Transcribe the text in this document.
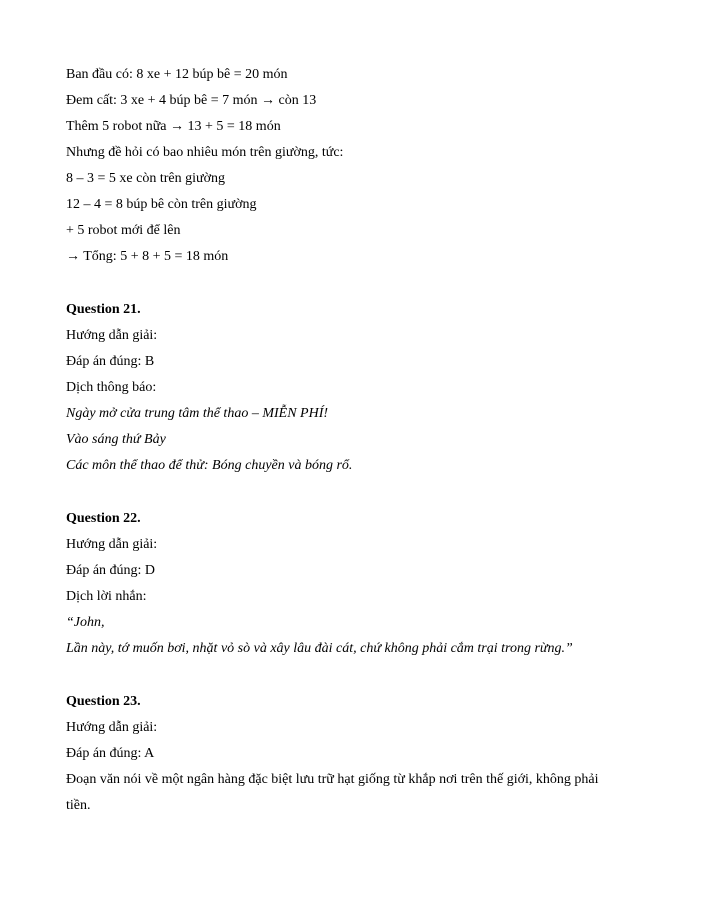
Ban đầu có: 8 xe + 12 búp bê = 20 món
Đem cất: 3 xe + 4 búp bê = 7 món → còn 13
Thêm 5 robot nữa → 13 + 5 = 18 món
Nhưng đề hỏi có bao nhiêu món trên giường, tức:
8 – 3 = 5 xe còn trên giường
12 – 4 = 8 búp bê còn trên giường
+ 5 robot mới để lên
→ Tổng: 5 + 8 + 5 = 18 món
Question 21.
Hướng dẫn giải:
Đáp án đúng: B
Dịch thông báo:
Ngày mở cửa trung tâm thể thao – MIỄN PHÍ!
Vào sáng thứ Bảy
Các môn thể thao để thử: Bóng chuyền và bóng rổ.
Question 22.
Hướng dẫn giải:
Đáp án đúng: D
Dịch lời nhắn:
“John,
Lần này, tớ muốn bơi, nhặt vỏ sò và xây lâu đài cát, chứ không phải cắm trại trong rừng.”
Question 23.
Hướng dẫn giải:
Đáp án đúng: A
Đoạn văn nói về một ngân hàng đặc biệt lưu trữ hạt giống từ khắp nơi trên thế giới, không phải
tiền.
